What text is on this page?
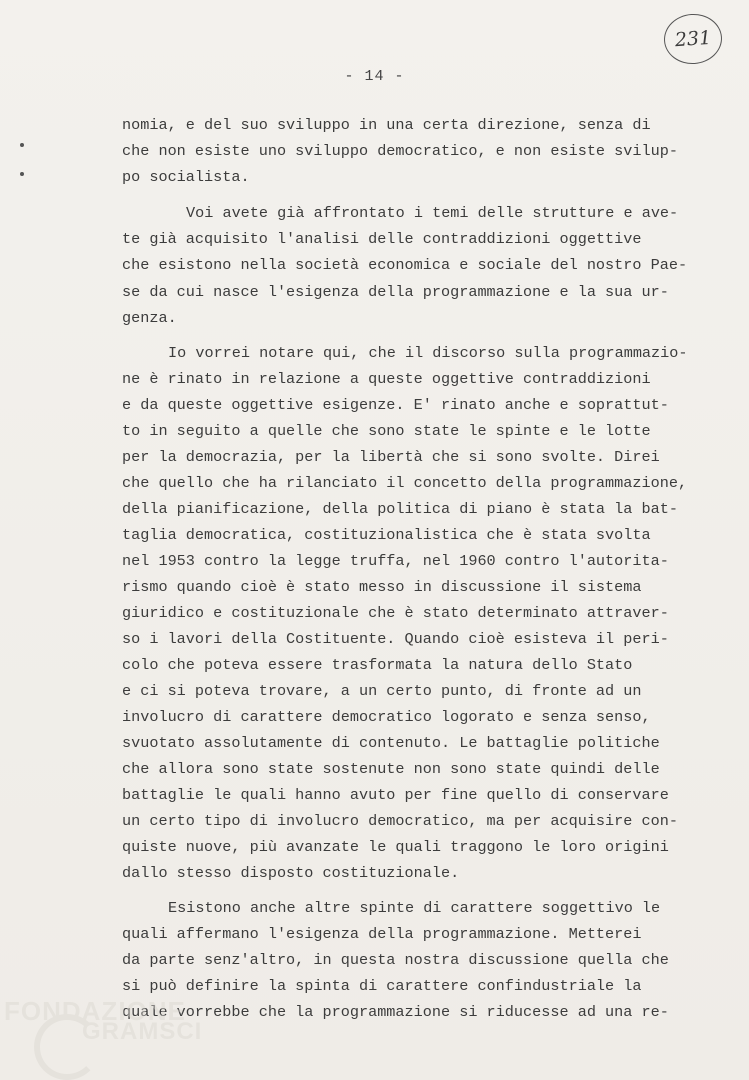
231
- 14 -
nomia, e del suo sviluppo in una certa direzione, senza di
che non esiste uno sviluppo democratico, e non esiste svilup-
po socialista.
Voi avete già affrontato i temi delle strutture e ave-
te già acquisito l'analisi delle contraddizioni oggettive
che esistono nella società economica e sociale del nostro Pae-
se da cui nasce l'esigenza della programmazione e la sua ur-
genza.
Io vorrei notare qui, che il discorso sulla programmazio-
ne è rinato in relazione a queste oggettive contraddizioni
e da queste oggettive esigenze. E' rinato anche e soprattut-
to in seguito a quelle che sono state le spinte e le lotte
per la democrazia, per la libertà che si sono svolte. Direi
che quello che ha rilanciato il concetto della programmazione,
della pianificazione, della politica di piano è stata la bat-
taglia democratica, costituzionalistica che è stata svolta
nel 1953 contro la legge truffa, nel 1960 contro l'autorita-
rismo quando cioè è stato messo in discussione il sistema
giuridico e costituzionale che è stato determinato attraver-
so i lavori della Costituente. Quando cioè esisteva il peri-
colo che poteva essere trasformata la natura dello Stato
e ci si poteva trovare, a un certo punto, di fronte ad un
involucro di carattere democratico logorato e senza senso,
svuotato assolutamente di contenuto. Le battaglie politiche
che allora sono state sostenute non sono state quindi delle
battaglie le quali hanno avuto per fine quello di conservare
un certo tipo di involucro democratico, ma per acquisire con-
quiste nuove, più avanzate le quali traggono le loro origini
dallo stesso disposto costituzionale.
Esistono anche altre spinte di carattere soggettivo le
quali affermano l'esigenza della programmazione. Metterei
da parte senz'altro, in questa nostra discussione quella che
si può definire la spinta di carattere confindustriale la
quale vorrebbe che la programmazione si riducesse ad una re-
FONDAZIONE
GRAMSCI
